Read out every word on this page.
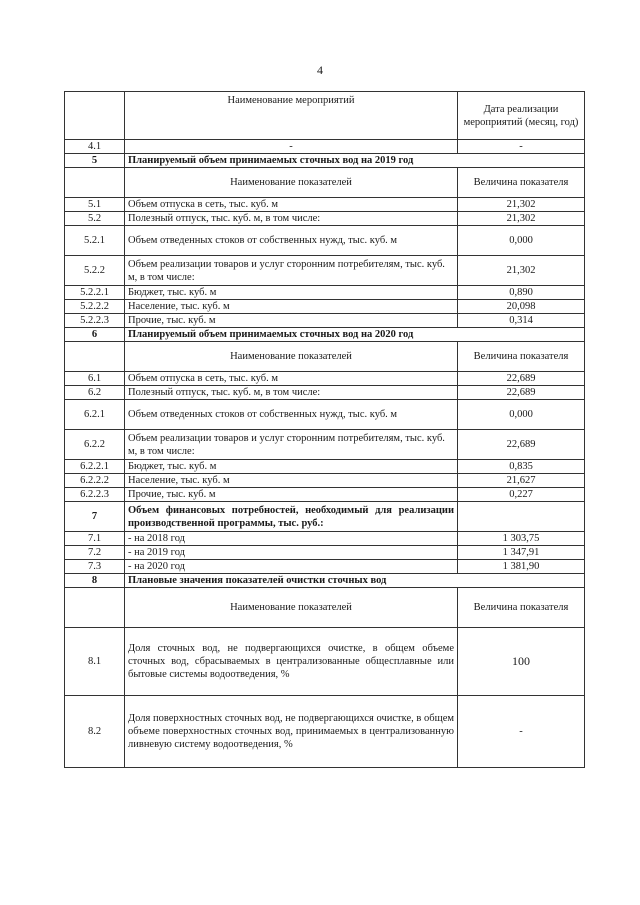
4
	Наименование мероприятий	Дата реализации мероприятий (месяц, год)
4.1	-	-
5	Планируемый объем принимаемых сточных вод на 2019 год	
	Наименование показателей	Величина показателя
5.1	Объем отпуска в сеть, тыс. куб. м	21,302
5.2	Полезный отпуск, тыс. куб. м, в том числе:	21,302
5.2.1	Объем отведенных стоков от собственных нужд, тыс. куб. м	0,000
5.2.2	Объем реализации товаров и услуг сторонним потребителям, тыс. куб. м, в том числе:	21,302
5.2.2.1	Бюджет, тыс. куб. м	0,890
5.2.2.2	Население, тыс. куб. м	20,098
5.2.2.3	Прочие, тыс. куб. м	0,314
6	Планируемый объем принимаемых сточных вод на 2020 год	
	Наименование показателей	Величина показателя
6.1	Объем отпуска в сеть, тыс. куб. м	22,689
6.2	Полезный отпуск, тыс. куб. м, в том числе:	22,689
6.2.1	Объем отведенных стоков от собственных нужд, тыс. куб. м	0,000
6.2.2	Объем реализации товаров и услуг сторонним потребителям, тыс. куб. м, в том числе:	22,689
6.2.2.1	Бюджет, тыс. куб. м	0,835
6.2.2.2	Население, тыс. куб. м	21,627
6.2.2.3	Прочие, тыс. куб. м	0,227
7	Объем финансовых потребностей, необходимый для реализации производственной программы, тыс. руб.:	
7.1	- на 2018 год	1 303,75
7.2	- на 2019 год	1 347,91
7.3	- на 2020 год	1 381,90
8	Плановые значения показателей очистки сточных вод	
	Наименование показателей	Величина показателя
8.1	Доля сточных вод, не подвергающихся очистке, в общем объеме сточных вод, сбрасываемых в централизованные общесплавные или бытовые системы водоотведения, %	100
8.2	Доля поверхностных сточных вод, не подвергающихся очистке, в общем объеме поверхностных сточных вод, принимаемых в централизованную ливневую систему водоотведения, %	-
